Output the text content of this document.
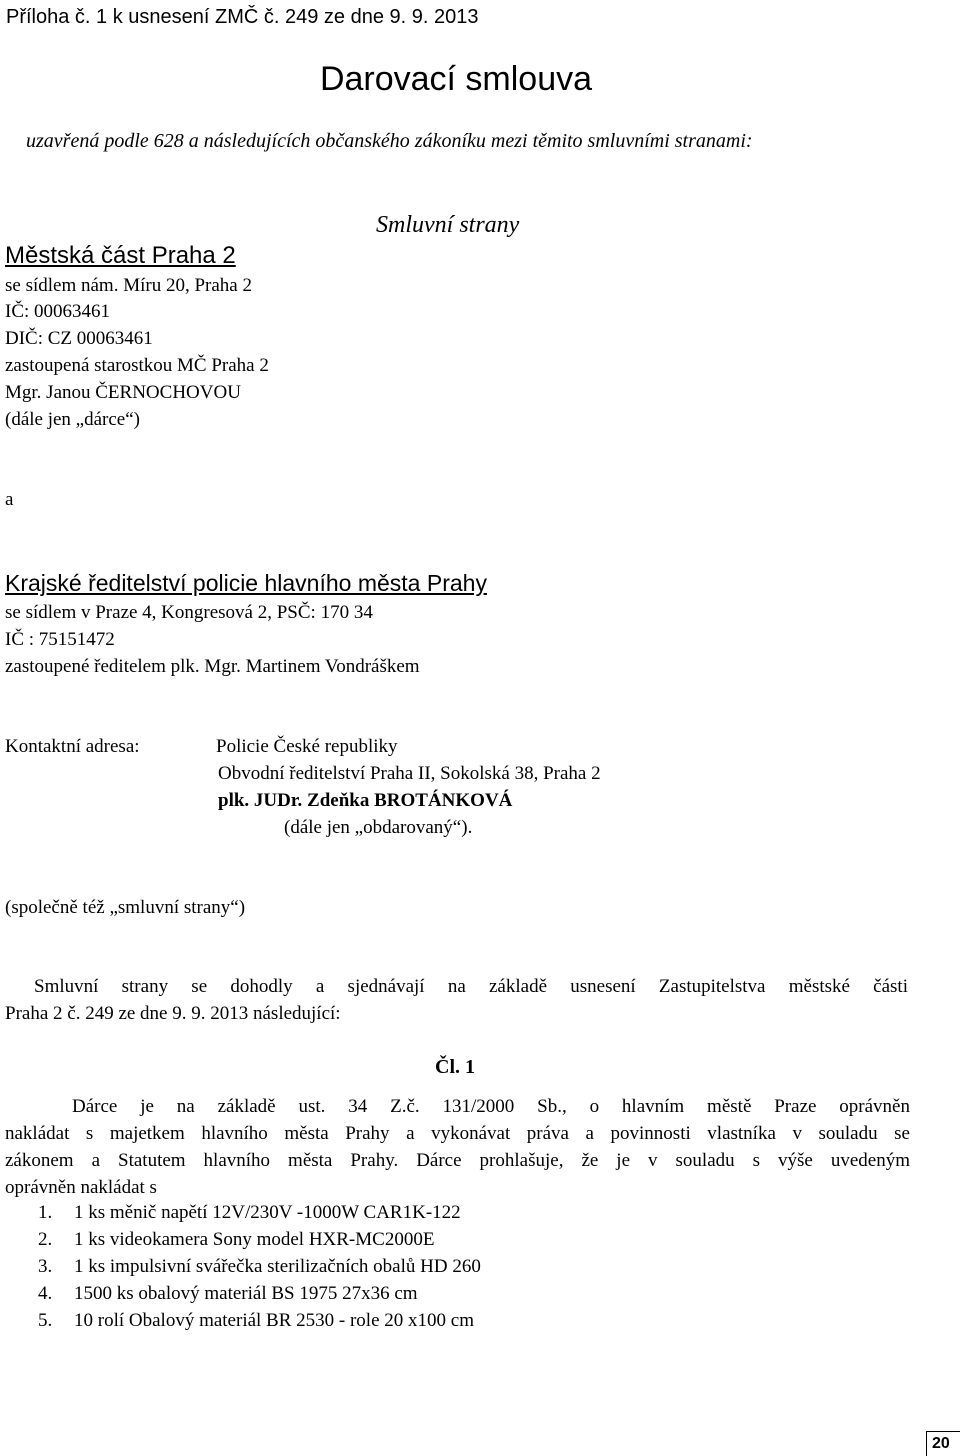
Příloha č. 1 k usnesení ZMČ č. 249 ze dne 9. 9. 2013
Darovací smlouva
uzavřená podle 628 a následujících občanského zákoníku mezi těmito smluvními stranami:
Smluvní strany
Městská část Praha 2
se sídlem nám. Míru 20, Praha 2
IČ: 00063461
DIČ: CZ 00063461
zastoupená starostkou MČ Praha 2
Mgr. Janou ČERNOCHOVOU
(dále jen „dárce“)
a
Krajské ředitelství policie hlavního města Prahy
se sídlem v Praze 4, Kongresová 2, PSČ: 170 34
IČ : 75151472
zastoupené ředitelem plk. Mgr. Martinem Vondráškem
Kontaktní adresa:	Policie České republiky
Obvodní ředitelství Praha II, Sokolská 38, Praha 2
plk. JUDr. Zdeňka BROTÁNKOVÁ
(dále jen „obdarovaný“).
(společně též „smluvní strany“)
Smluvní strany se dohodly a sjednávají na základě usnesení Zastupitelstva městské části
Praha 2 č. 249 ze dne 9. 9. 2013 následující:
Čl. 1
Dárce je na základě ust. 34 Z.č. 131/2000 Sb., o hlavním městě Praze oprávněn
nakládat s majetkem hlavního města Prahy a vykonávat práva a povinnosti vlastníka v souladu se
zákonem a Statutem hlavního města Prahy. Dárce prohlašuje, že je v souladu s výše uvedeným
oprávněn nakládat s
1. 1 ks měnič napětí 12V/230V -1000W CAR1K-122
2. 1 ks videokamera Sony model HXR-MC2000E
3. 1 ks impulsivní svářečka sterilizačních obalů HD 260
4. 1500 ks obalový materiál BS 1975 27x36 cm
5. 10 rolí Obalový materiál BR 2530 - role 20 x100 cm
20
